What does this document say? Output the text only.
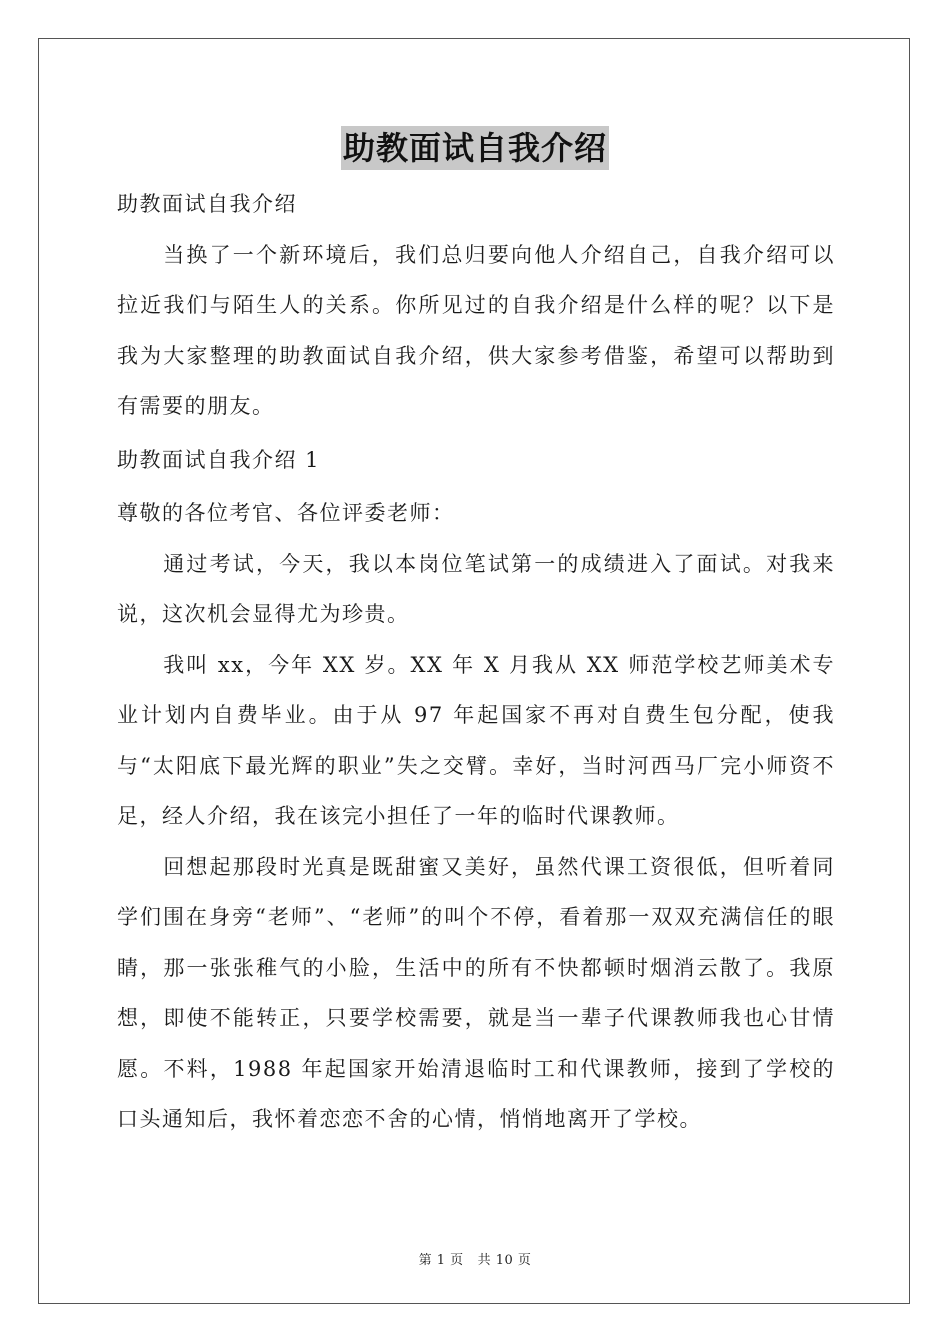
助教面试自我介绍

助教面试自我介绍

当换了一个新环境后，我们总归要向他人介绍自己，自我介绍可以拉近我们与陌生人的关系。你所见过的自我介绍是什么样的呢？以下是我为大家整理的助教面试自我介绍，供大家参考借鉴，希望可以帮助到有需要的朋友。

助教面试自我介绍 1

尊敬的各位考官、各位评委老师：

通过考试，今天，我以本岗位笔试第一的成绩进入了面试。对我来说，这次机会显得尤为珍贵。

我叫 xx，今年 XX 岁。XX 年 X 月我从 XX 师范学校艺师美术专业计划内自费毕业。由于从 97 年起国家不再对自费生包分配，使我与“太阳底下最光辉的职业”失之交臂。幸好，当时河西马厂完小师资不足，经人介绍，我在该完小担任了一年的临时代课教师。

回想起那段时光真是既甜蜜又美好，虽然代课工资很低，但听着同学们围在身旁“老师”、“老师”的叫个不停，看着那一双双充满信任的眼睛，那一张张稚气的小脸，生活中的所有不快都顿时烟消云散了。我原想，即使不能转正，只要学校需要，就是当一辈子代课教师我也心甘情愿。不料，1988 年起国家开始清退临时工和代课教师，接到了学校的口头通知后，我怀着恋恋不舍的心情，悄悄地离开了学校。

第 1 页 共 10 页
